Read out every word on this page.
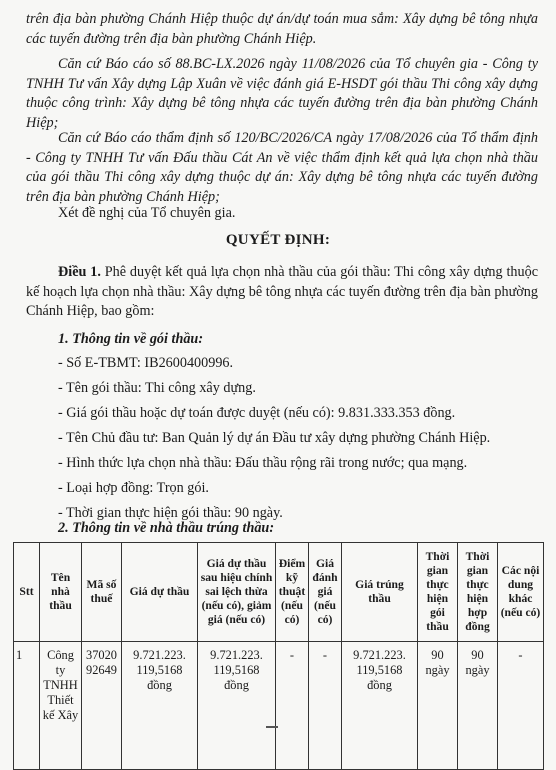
trên địa bàn phường Chánh Hiệp thuộc dự án/dự toán mua sắm: Xây dựng bê tông nhựa các tuyến đường trên địa bàn phường Chánh Hiệp.
Căn cứ Báo cáo số 88.BC-LX.2026 ngày 11/08/2026 của Tổ chuyên gia - Công ty TNHH Tư vấn Xây dựng Lập Xuân về việc đánh giá E-HSDT gói thầu Thi công xây dựng thuộc công trình: Xây dựng bê tông nhựa các tuyến đường trên địa bàn phường Chánh Hiệp;
Căn cứ Báo cáo thẩm định số 120/BC/2026/CA ngày 17/08/2026 của Tổ thẩm định - Công ty TNHH Tư vấn Đấu thầu Cát An về việc thẩm định kết quả lựa chọn nhà thầu của gói thầu Thi công xây dựng thuộc dự án: Xây dựng bê tông nhựa các tuyến đường trên địa bàn phường Chánh Hiệp;
Xét đề nghị của Tổ chuyên gia.
QUYẾT ĐỊNH:
Điều 1. Phê duyệt kết quả lựa chọn nhà thầu của gói thầu: Thi công xây dựng thuộc kế hoạch lựa chọn nhà thầu: Xây dựng bê tông nhựa các tuyến đường trên địa bàn phường Chánh Hiệp, bao gồm:
1. Thông tin về gói thầu:
- Số E-TBMT: IB2600400996.
- Tên gói thầu: Thi công xây dựng.
- Giá gói thầu hoặc dự toán được duyệt (nếu có): 9.831.333.353 đồng.
- Tên Chủ đầu tư: Ban Quản lý dự án Đầu tư xây dựng phường Chánh Hiệp.
- Hình thức lựa chọn nhà thầu: Đấu thầu rộng rãi trong nước; qua mạng.
- Loại hợp đồng: Trọn gói.
- Thời gian thực hiện gói thầu: 90 ngày.
2. Thông tin về nhà thầu trúng thầu:
Stt	Tên nhà thầu	Mã số thuế	Giá dự thầu	Giá dự thầu sau hiệu chính sai lệch thừa (nếu có), giảm giá (nếu có)	Điểm kỹ thuật (nếu có)	Giá đánh giá (nếu có)	Giá trúng thầu	Thời gian thực hiện gói thầu	Thời gian thực hiện hợp đồng	Các nội dung khác (nếu có)
1	Công ty TNHH Thiết kế Xây	3702092649	9.721.223. 119,5168 đồng	9.721.223. 119,5168 đồng	-	-	9.721.223. 119,5168 đồng	90 ngày	90 ngày	-
